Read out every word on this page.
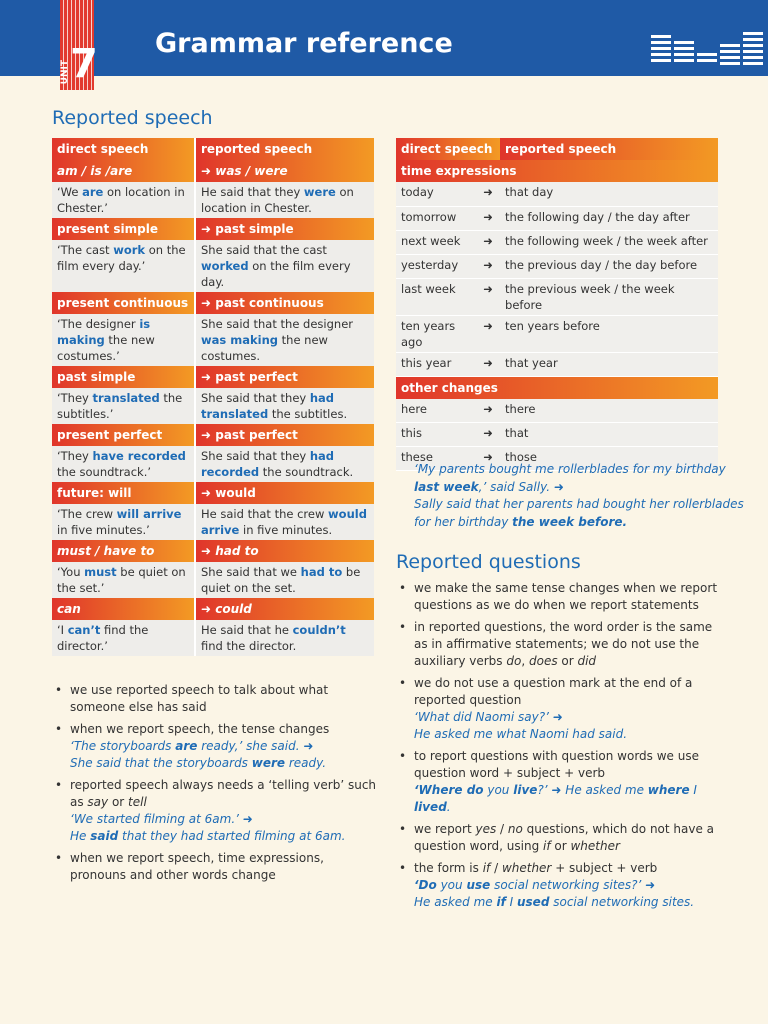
UNIT 7 Grammar reference
Reported speech
direct speech	reported speech
am / is /are	➜ was / were
‘We are on location in Chester.’	He said that they were on location in Chester.
present simple	➜ past simple
‘The cast work on the film every day.’	She said that the cast worked on the film every day.
present continuous	➜ past continuous
‘The designer is making the new costumes.’	She said that the designer was making the new costumes.
past simple	➜ past perfect
‘They translated the subtitles.’	She said that they had translated the subtitles.
present perfect	➜ past perfect
‘They have recorded the soundtrack.’	She said that they had recorded the soundtrack.
future: will	➜ would
‘The crew will arrive in five minutes.’	He said that the crew would arrive in five minutes.
must / have to	➜ had to
‘You must be quiet on the set.’	She said that we had to be quiet on the set.
can	➜ could
‘I can’t find the director.’	He said that he couldn’t find the director.
• we use reported speech to talk about what someone else has said
• when we report speech, the tense changes
‘The storyboards are ready,’ she said. ➜
She said that the storyboards were ready.
• reported speech always needs a ‘telling verb’ such as say or tell
‘We started filming at 6am.’ ➜
He said that they had started filming at 6am.
• when we report speech, time expressions, pronouns and other words change
direct speech		reported speech
time expressions		
today	➜	that day
tomorrow	➜	the following day / the day after
next week	➜	the following week / the week after
yesterday	➜	the previous day / the day before
last week	➜	the previous week / the week before
ten years ago	➜	ten years before
this year	➜	that year
other changes		
here	➜	there
this	➜	that
these	➜	those
‘My parents bought me rollerblades for my birthday last week,’ said Sally. ➜
Sally said that her parents had bought her rollerblades for her birthday the week before.
Reported questions
• we make the same tense changes when we report questions as we do when we report statements
• in reported questions, the word order is the same as in affirmative statements; we do not use the auxiliary verbs do, does or did
• we do not use a question mark at the end of a reported question
‘What did Naomi say?’ ➜
He asked me what Naomi had said.
• to report questions with question words we use question word + subject + verb
‘Where do you live?’ ➜ He asked me where I lived.
• we report yes / no questions, which do not have a question word, using if or whether
• the form is if / whether + subject + verb
‘Do you use social networking sites?’ ➜
He asked me if I used social networking sites.
